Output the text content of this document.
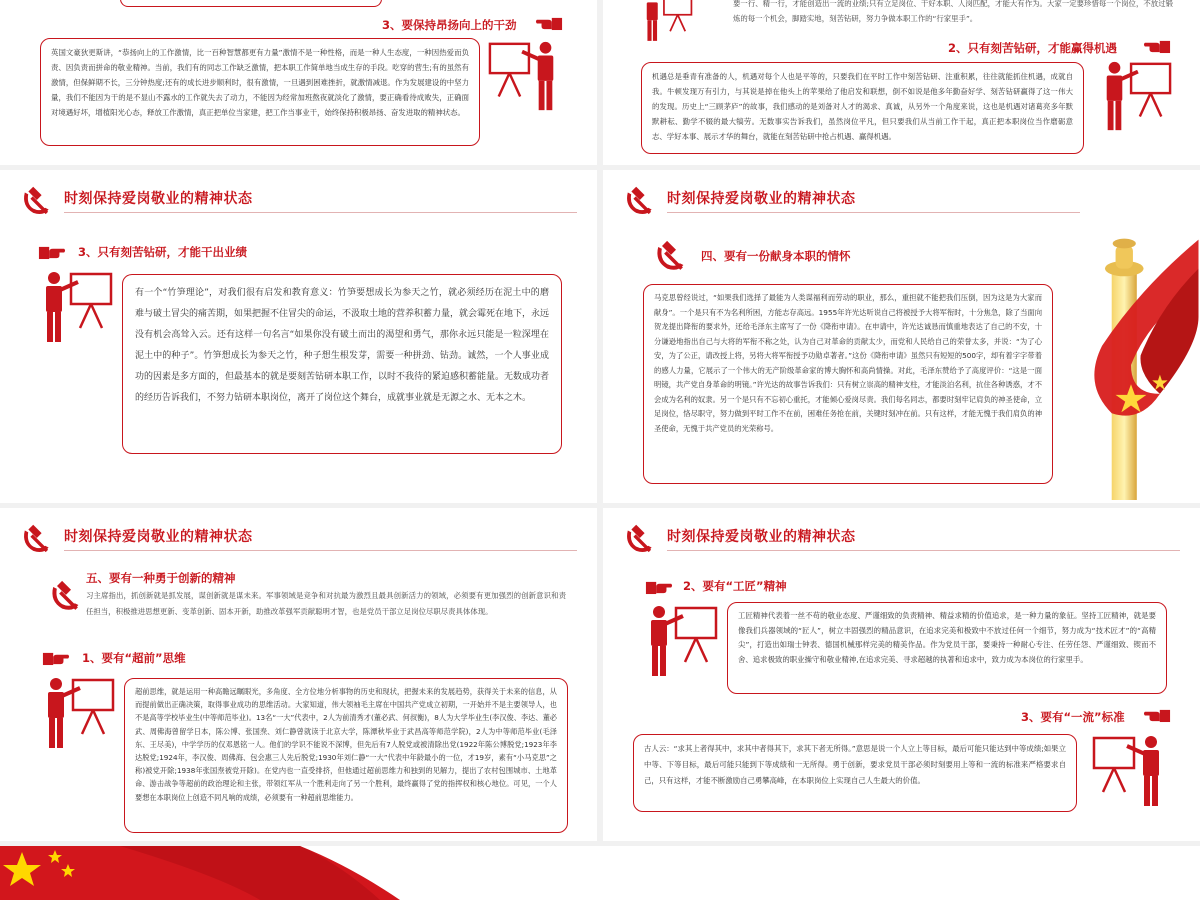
3、要保持昂扬向上的干劲
英国文豪狄更斯讲，“恭扬向上的工作激情，比一百种智慧都更有力量”激情不是一种性格，而是一种人生态度，一种因热爱而负责、因负责而拼命的敬业精神。当前，我们有的同志工作缺乏激情，把本职工作简单地当成生存的手段。吃穿的营生;有的虽然有激情，但保鲜期不长，三分钟热度;还有的成长进步顺利时，很有激情，一旦遇到困难挫折，就激情减退。作为发展建设的中坚力量，我们不能因为干的是不显山不露水的工作就失去了动力，不能因为经常加班熬夜就淡化了激情，要正确看待成败失，正确面对境遇好坏，增植阳光心态，释放工作激情，真正把单位当家建，把工作当事业干，始终保持积极昂扬、奋发进取的精神状态。
要一行、精一行，才能创造出一流的业绩;只有立足岗位、干好本职、人岗匹配，才能大有作为。大家一定要珍惜每一个岗位，不放过锻炼的每一个机会，脚踏实地，刻苦钻研，努力争做本职工作的“行家里手”。
2、只有刻苦钻研，才能赢得机遇
机遇总是垂青有准备的人，机遇对每个人也是平等的，只要我们在平时工作中刻苦钻研、注重积累，往往就能抓住机遇，成就自我。牛顿发现万有引力，与其说是掉在他头上的苹果给了他启发和联想，倒不如说是他多年勤奋好学、刻苦钻研赢得了这一伟大的发现。历史上“三顾茅庐”的故事，我们感动的是刘备对人才的渴求、真诚，从另外一个角度来说，这也是机遇对诸葛亮多年默默耕耘、勤学不辍的最大犒劳。无数事实告诉我们，虽然岗位平凡，但只要我们从当前工作干起，真正把本职岗位当作磨砺意志、学好本事、展示才华的舞台，就能在刻苦钻研中抢占机遇、赢得机遇。
时刻保持爱岗敬业的精神状态
3、只有刻苦钻研，才能干出业绩
有一个“竹笋理论”，对我们很有启发和教育意义：竹笋要想成长为参天之竹，就必须经历在泥土中的磨难与破土冒尖的痛苦期，如果把握不住冒尖的命运，不汲取土地的营养积蓄力量，就会霉死在地下，永远没有机会高耸入云。还有这样一句名言“如果你没有破土而出的渴望和勇气，那你永远只能是一粒深埋在泥土中的种子”。竹笋想成长为参天之竹，种子想生根发芽，需要一种拼劲、钻劲。诚然，一个人事业成功的因素是多方面的，但最基本的就是要刻苦钻研本职工作，以时不我待的紧迫感积蓄能量。无数成功者的经历告诉我们，不努力钻研本职岗位，离开了岗位这个舞台，成就事业就是无源之水、无本之木。
时刻保持爱岗敬业的精神状态
四、要有一份献身本职的情怀
马克思曾经说过，“如果我们选择了最能为人类谋福利而劳动的职业，那么，重担就不能把我们压倒，因为这是为大家而献身”。一个是只有不为名利所困，方能志存高远。1955年许光达听说自己将被授予大将军衔时，十分焦急，除了当面向贺龙提出降衔的要求外，还给毛泽东主席写了一份《降衔申请》。在申请中，许光达诚恳而慎重地表达了自己的不安，十分谦逊地指出自己与大将的军衔不称之处，认为自己对革命的贡献太少，而党和人民给自己的荣誉太多，并说：“为了心安，为了公正，请改授上将，另将大将军衔授予功勋卓著者。”这份《降衔申请》虽然只有短短的500字，却有着字字带着的感人力量，它展示了一个伟大的无产阶级革命家的博大胸怀和高尚情操。对此，毛泽东赞给予了高度评价：“这是一面明镜，共产党自身革命的明镜。”许光达的故事告诉我们：只有树立崇高的精神支柱，才能淡泊名利，抗住各种诱惑，才不会成为名利的奴隶。另一个是只有不忘初心重托，才能倾心爱岗尽责。我们每名同志，都要时刻牢记肩负的神圣使命，立足岗位，恪尽职守，努力做到平时工作不在前，困难任务抢在前，关键时刻冲在前。只有这样，才能无愧于我们肩负的神圣使命，无愧于共产党员的光荣称号。
时刻保持爱岗敬业的精神状态
五、要有一种勇于创新的精神
习主席指出，抓创新就是抓发展，谋创新就是谋未来。军事领域是竞争和对抗最为激烈且最具创新活力的领域，必须要有更加强烈的创新意识和责任担当，积极推进思想更新、变革创新、固本开新，助推改革强军贡献聪明才智，也是党员干部立足岗位尽职尽责具体体现。
1、要有“超前”思维
超前思维，就是运用一种高瞻远瞩眼光，多角度、全方位地分析事物的历史和现状，把握未来的发展趋势，获得关于未来的信息，从而提前做出正确决策，取得事业成功的思维活动。大家知道，伟大领袖毛主席在中国共产党成立初期，一开始并不是主要领导人，也不是高等学校毕业生(中等师范毕业)。13名“一大”代表中，2人为前清秀才(董必武、何叔衡)，8人为大学毕业生(李汉俊、李达、董必武、周佛海曾留学日本，陈公博、张国焘、刘仁静曾就读于北京大学，陈潭秋毕业于武昌高等师范学院)，2人为中等师范毕业(毛泽东、王尽美)，中学学历的仅邓恩铭一人。他们的学识不能说不深博，但先后有7人脱党或被清除出党(1922年陈公博脱党;1923年李达脱党;1924年，李汉俊、周佛海、包会惠三人先后脱党;1930年刘仁静“一大”代表中年龄最小的一位，才19岁，素有“小马克思”之称)被党开除;1938年张国焘被党开除)。在党内也一直受排挤，但他通过超前思维力和独到的见解力，提出了农村包围城市、土地革命、游击战争等超前的政治理论和主张，带领红军从一个胜利走向了另一个胜利，最终赢得了党的指挥权和核心地位。可见，一个人要想在本职岗位上创造不同凡响的成绩，必须要有一种超前思维能力。
时刻保持爱岗敬业的精神状态
2、要有“工匠”精神
工匠精神代表着一丝不苟的敬业态度、严谨细致的负责精神、精益求精的价值追求，是一种力量的象征。坚持工匠精神，就是要像我们兵器领域的“匠人”，树立丰固强烈的精品意识，在追求完美和极致中不放过任何一个细节，努力成为“技术匠才”的“高精尖”，打造出如瑞士钟表、德国机械那样完美的精美作品。作为党员干部，要秉持一种耐心专注、任劳任怨、严谨细致、锲而不舍、追求极致的职业操守和敬业精神,在追求完美、寻求超越的执著和追求中，致力成为本岗位的行家里手。
3、要有“一流”标准
古人云：“求其上者得其中，求其中者得其下，求其下者无所得。”意思是说一个人立上等目标，最后可能只能达到中等成绩;如果立中等、下等目标，最后可能只能到下等成绩和一无所得。勇于创新，要求党员干部必须时刻要用上等和一流的标准来严格要求自己，只有这样，才能不断激励自己勇攀高峰，在本职岗位上实现自己人生最大的价值。
